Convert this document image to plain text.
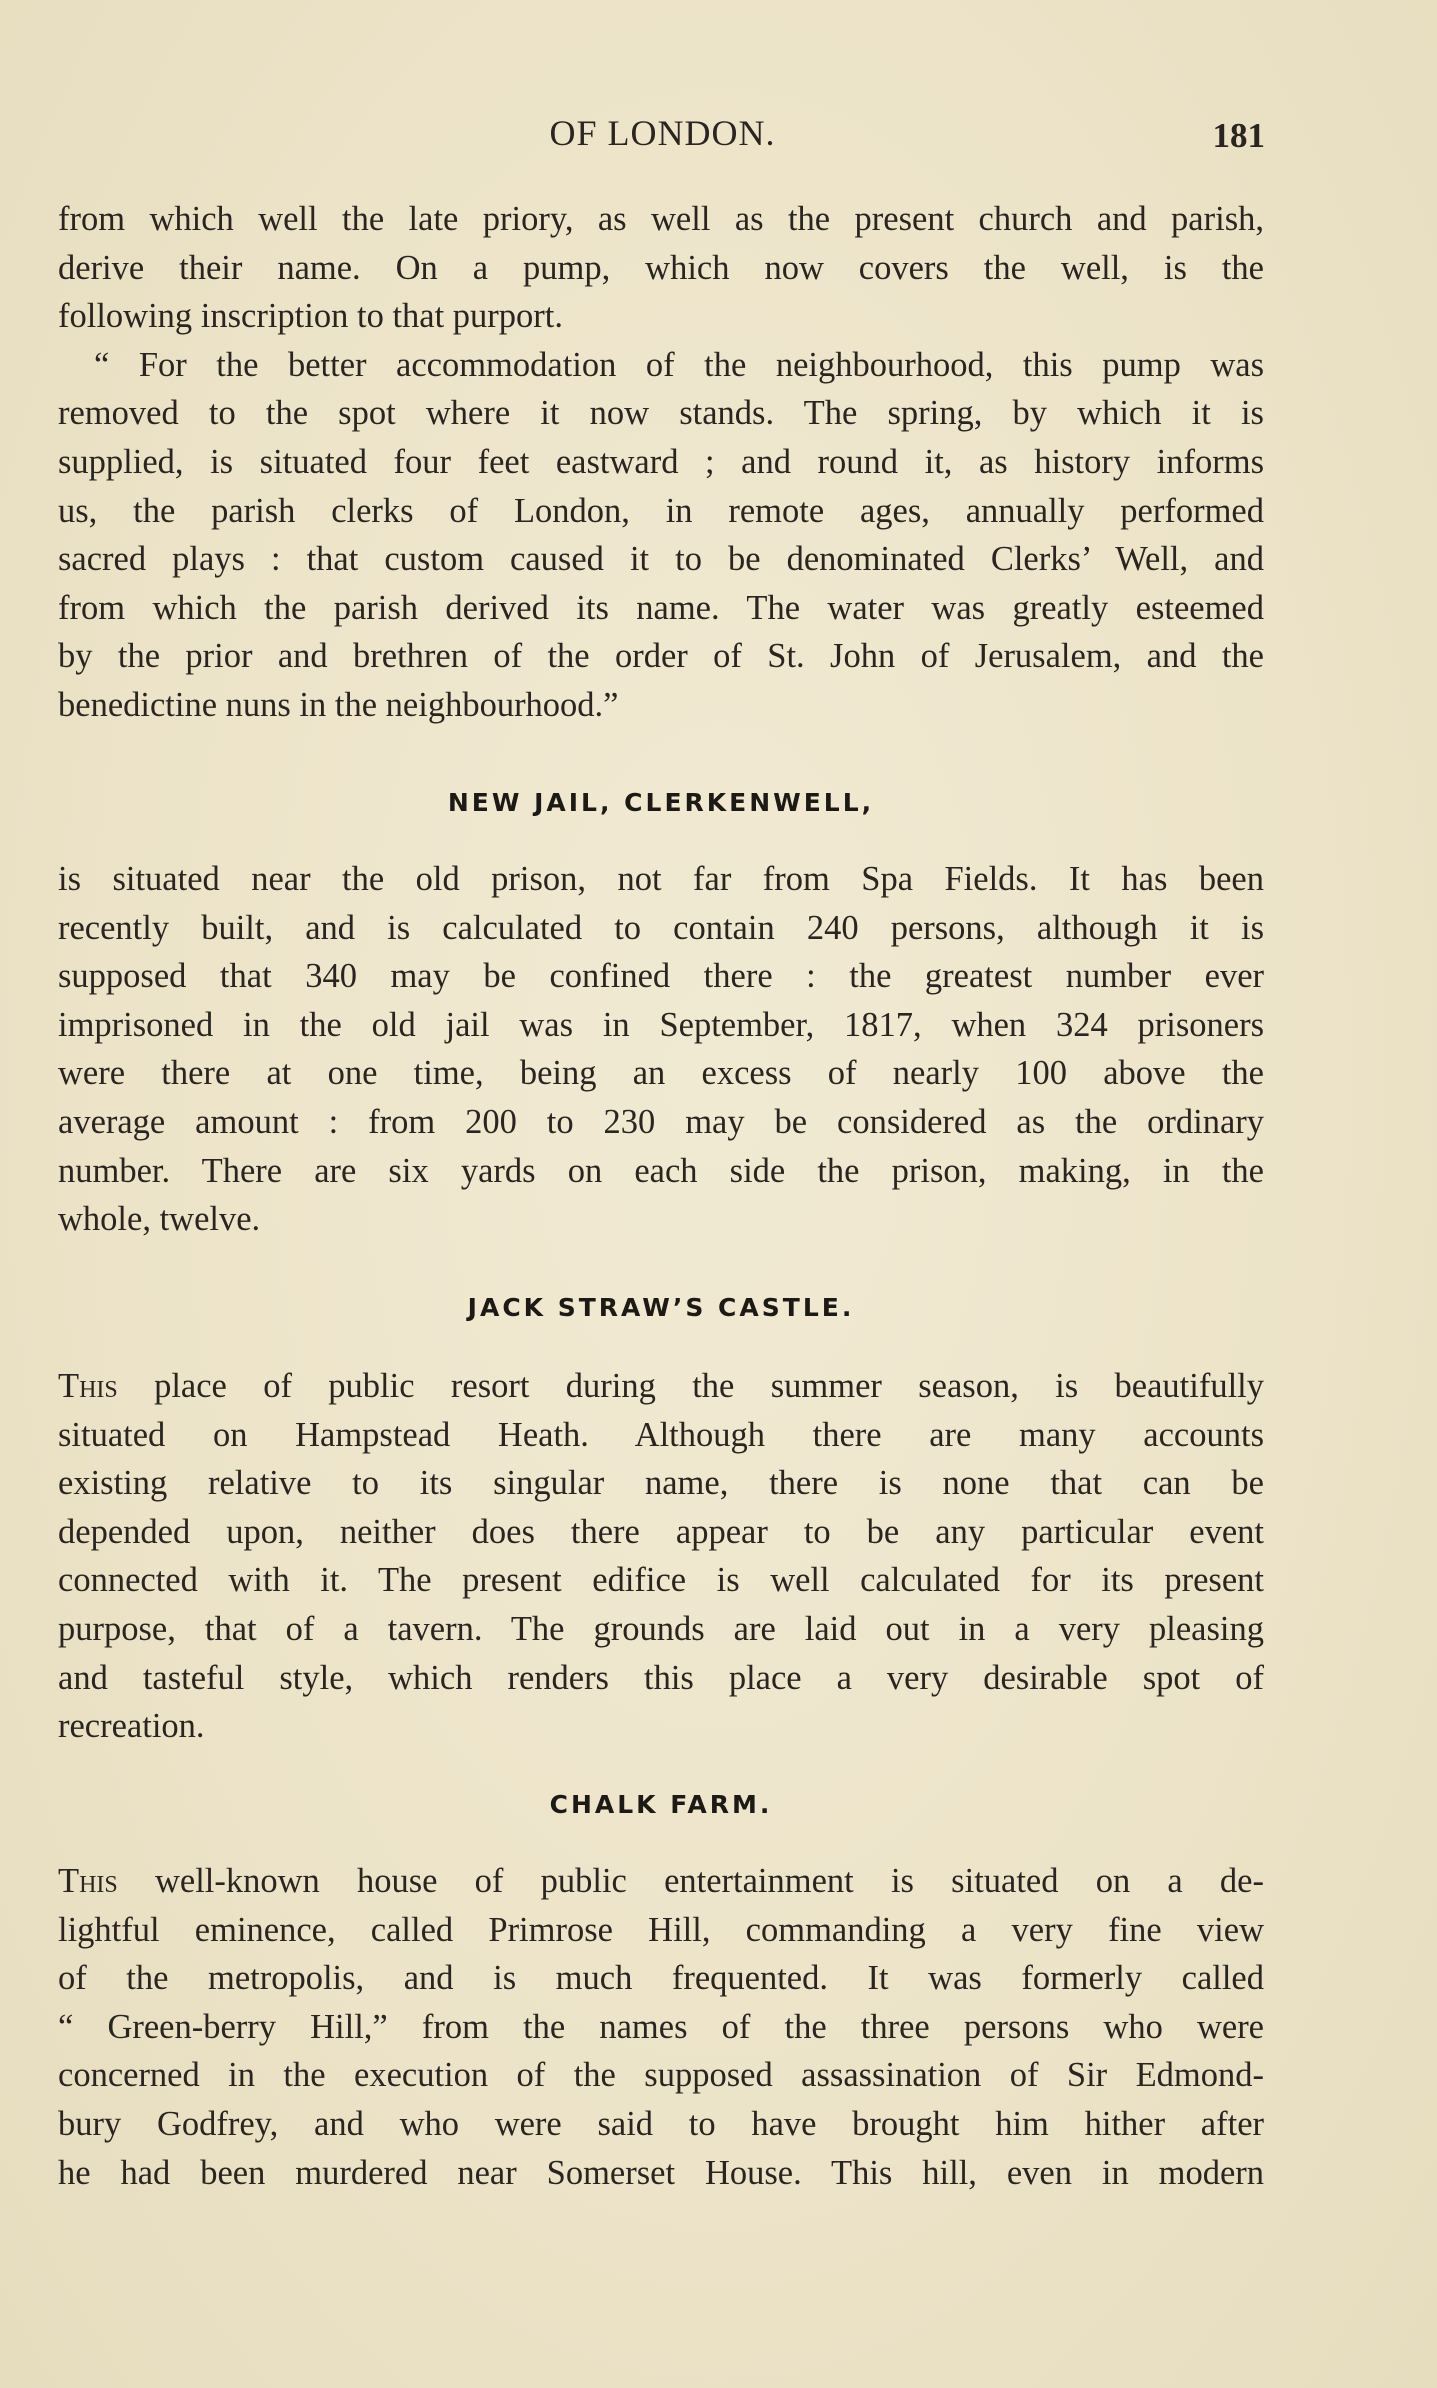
OF LONDON.	181

from which well the late priory, as well as the present church and parish,

derive their name. On a pump, which now covers the well, is the

following inscription to that purport.

“ For the better accommodation of the neighbourhood, this pump was

removed to the spot where it now stands. The spring, by which it is

supplied, is situated four feet eastward ; and round it, as history informs

us, the parish clerks of London, in remote ages, annually performed

sacred plays : that custom caused it to be denominated Clerks’ Well, and

from which the parish derived its name. The water was greatly esteemed

by the prior and brethren of the order of St. John of Jerusalem, and the

benedictine nuns in the neighbourhood.”

NEW JAIL, CLERKENWELL,

is situated near the old prison, not far from Spa Fields. It has been

recently built, and is calculated to contain 240 persons, although it is

supposed that 340 may be confined there : the greatest number ever

imprisoned in the old jail was in September, 1817, when 324 prisoners

were there at one time, being an excess of nearly 100 above the

average amount : from 200 to 230 may be considered as the ordinary

number. There are six yards on each side the prison, making, in the

whole, twelve.

JACK STRAW’S CASTLE.

This place of public resort during the summer season, is beautifully

situated on Hampstead Heath. Although there are many accounts

existing relative to its singular name, there is none that can be

depended upon, neither does there appear to be any particular event

connected with it. The present edifice is well calculated for its present

purpose, that of a tavern. The grounds are laid out in a very pleasing

and tasteful style, which renders this place a very desirable spot of

recreation.

CHALK FARM.

This well-known house of public entertainment is situated on a de-

lightful eminence, called Primrose Hill, commanding a very fine view

of the metropolis, and is much frequented. It was formerly called

“ Green-berry Hill,” from the names of the three persons who were

concerned in the execution of the supposed assassination of Sir Edmond-

bury Godfrey, and who were said to have brought him hither after

he had been murdered near Somerset House. This hill, even in modern
